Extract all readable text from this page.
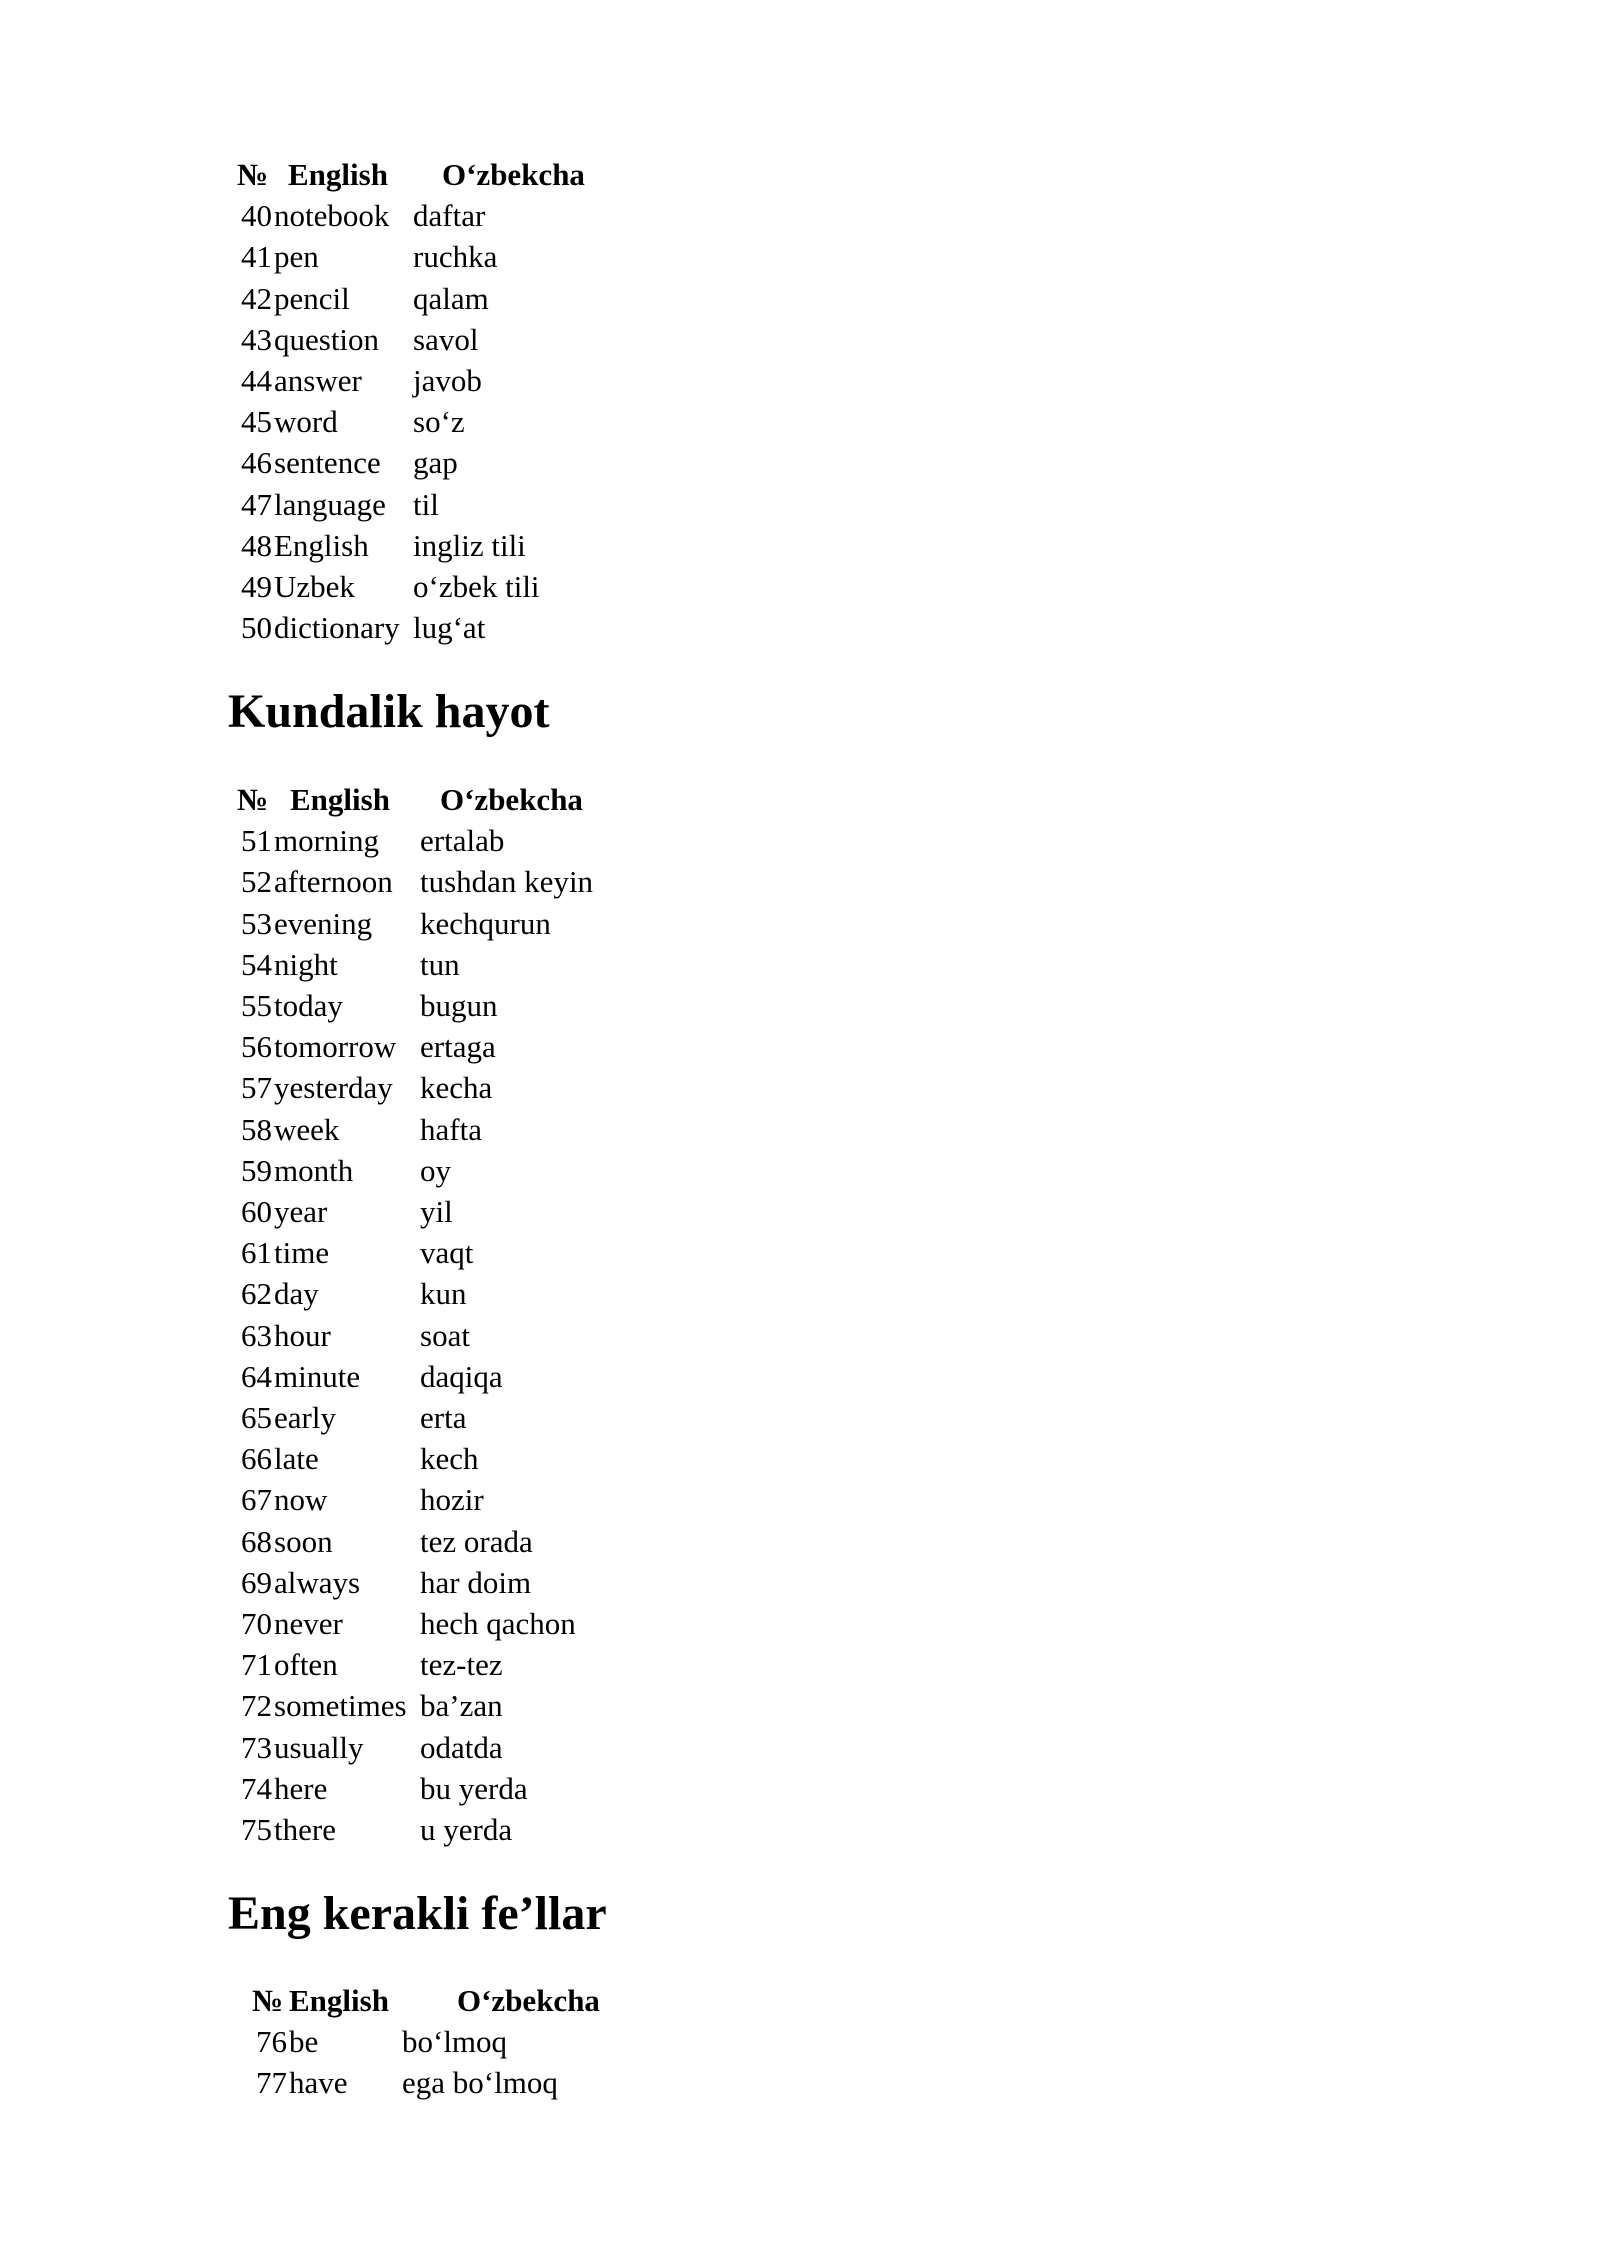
№	English	O‘zbekcha
40	notebook	daftar
41	pen	ruchka
42	pencil	qalam
43	question	savol
44	answer	javob
45	word	so‘z
46	sentence	gap
47	language	til
48	English	ingliz tili
49	Uzbek	o‘zbek tili
50	dictionary	lug‘at
Kundalik hayot
№	English	O‘zbekcha
51	morning	ertalab
52	afternoon	tushdan keyin
53	evening	kechqurun
54	night	tun
55	today	bugun
56	tomorrow	ertaga
57	yesterday	kecha
58	week	hafta
59	month	oy
60	year	yil
61	time	vaqt
62	day	kun
63	hour	soat
64	minute	daqiqa
65	early	erta
66	late	kech
67	now	hozir
68	soon	tez orada
69	always	har doim
70	never	hech qachon
71	often	tez-tez
72	sometimes	ba’zan
73	usually	odatda
74	here	bu yerda
75	there	u yerda
Eng kerakli fe’llar
№	English	O‘zbekcha
76	be	bo‘lmoq
77	have	ega bo‘lmoq
